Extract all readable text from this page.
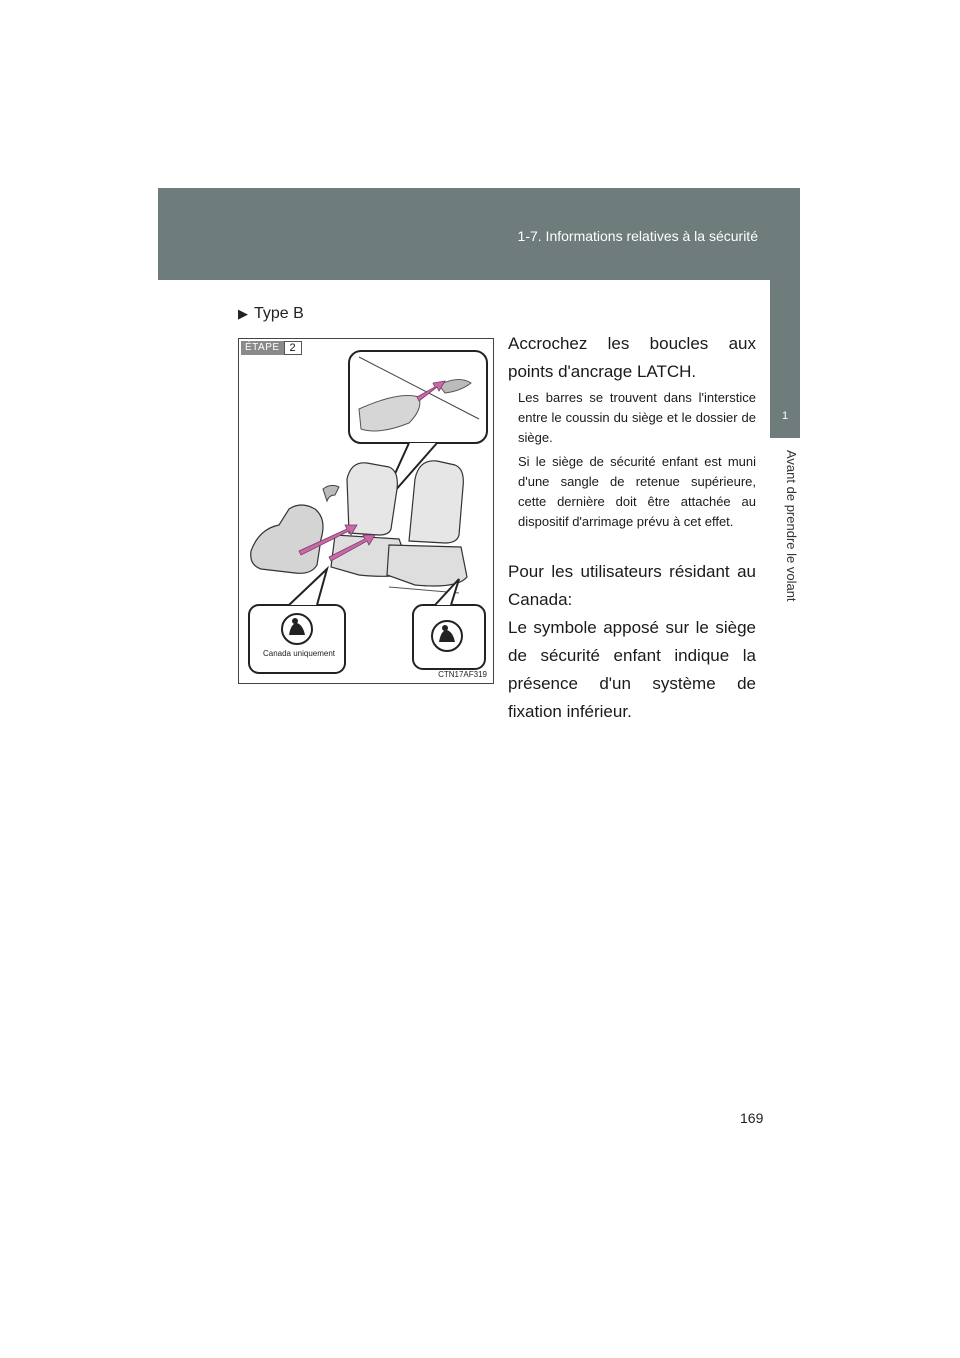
1-7. Informations relatives à la sécurité
1
Avant de prendre le volant
▶ Type B
ÉTAPE 2
Canada uniquement
CTN17AF319

Accrochez les boucles aux points d'ancrage LATCH.

Les barres se trouvent dans l'interstice entre le coussin du siège et le dossier de siège.

Si le siège de sécurité enfant est muni d'une sangle de retenue supérieure, cette dernière doit être attachée au dispositif d'arrimage prévu à cet effet.

Pour les utilisateurs résidant au Canada:

Le symbole apposé sur le siège de sécurité enfant indique la présence d'un système de fixation inférieur.

169
